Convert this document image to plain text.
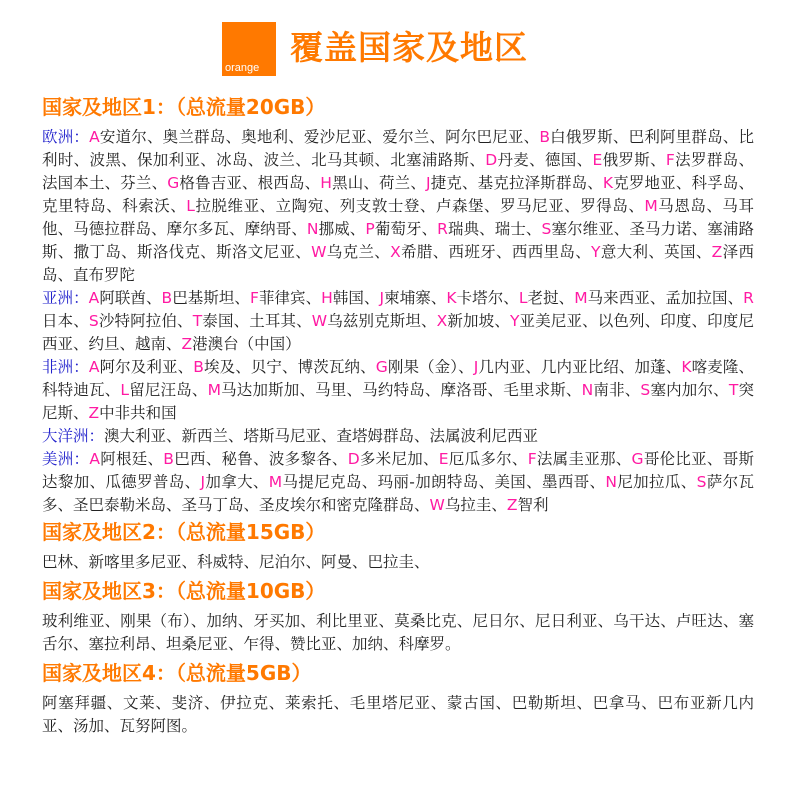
orange
覆盖国家及地区
国家及地区1：（总流量20GB）
欧洲：A安道尔、奥兰群岛、奥地利、爱沙尼亚、爱尔兰、阿尔巴尼亚、B白俄罗斯、巴利阿里群岛、比利时、波黑、保加利亚、冰岛、波兰、北马其顿、北塞浦路斯、D丹麦、德国、E俄罗斯、F法罗群岛、法国本土、芬兰、G格鲁吉亚、根西岛、H黑山、荷兰、J捷克、基克拉泽斯群岛、K克罗地亚、科孚岛、克里特岛、科索沃、L拉脱维亚、立陶宛、列支敦士登、卢森堡、罗马尼亚、罗得岛、M马恩岛、马耳他、马德拉群岛、摩尔多瓦、摩纳哥、N挪威、P葡萄牙、R瑞典、瑞士、S塞尔维亚、圣马力诺、塞浦路斯、撒丁岛、斯洛伐克、斯洛文尼亚、W乌克兰、X希腊、西班牙、西西里岛、Y意大利、英国、Z泽西岛、直布罗陀
亚洲：A阿联酋、B巴基斯坦、F菲律宾、H韩国、J柬埔寨、K卡塔尔、L老挝、M马来西亚、孟加拉国、R日本、S沙特阿拉伯、T泰国、土耳其、W乌兹别克斯坦、X新加坡、Y亚美尼亚、以色列、印度、印度尼西亚、约旦、越南、Z港澳台（中国）
非洲：A阿尔及利亚、B埃及、贝宁、博茨瓦纳、G刚果（金）、J几内亚、几内亚比绍、加蓬、K喀麦隆、科特迪瓦、L留尼汪岛、M马达加斯加、马里、马约特岛、摩洛哥、毛里求斯、N南非、S塞内加尔、T突尼斯、Z中非共和国
大洋洲：澳大利亚、新西兰、塔斯马尼亚、查塔姆群岛、法属波利尼西亚
美洲：A阿根廷、B巴西、秘鲁、波多黎各、D多米尼加、E厄瓜多尔、F法属圭亚那、G哥伦比亚、哥斯达黎加、瓜德罗普岛、J加拿大、M马提尼克岛、玛丽-加朗特岛、美国、墨西哥、N尼加拉瓜、S萨尔瓦多、圣巴泰勒米岛、圣马丁岛、圣皮埃尔和密克隆群岛、W乌拉圭、Z智利
国家及地区2：（总流量15GB）
巴林、新喀里多尼亚、科威特、尼泊尔、阿曼、巴拉圭、
国家及地区3：（总流量10GB）
玻利维亚、刚果（布）、加纳、牙买加、利比里亚、莫桑比克、尼日尔、尼日利亚、乌干达、卢旺达、塞舌尔、塞拉利昂、坦桑尼亚、乍得、赞比亚、加纳、科摩罗。
国家及地区4：（总流量5GB）
阿塞拜疆、文莱、斐济、伊拉克、莱索托、毛里塔尼亚、蒙古国、巴勒斯坦、巴拿马、巴布亚新几内亚、汤加、瓦努阿图。
